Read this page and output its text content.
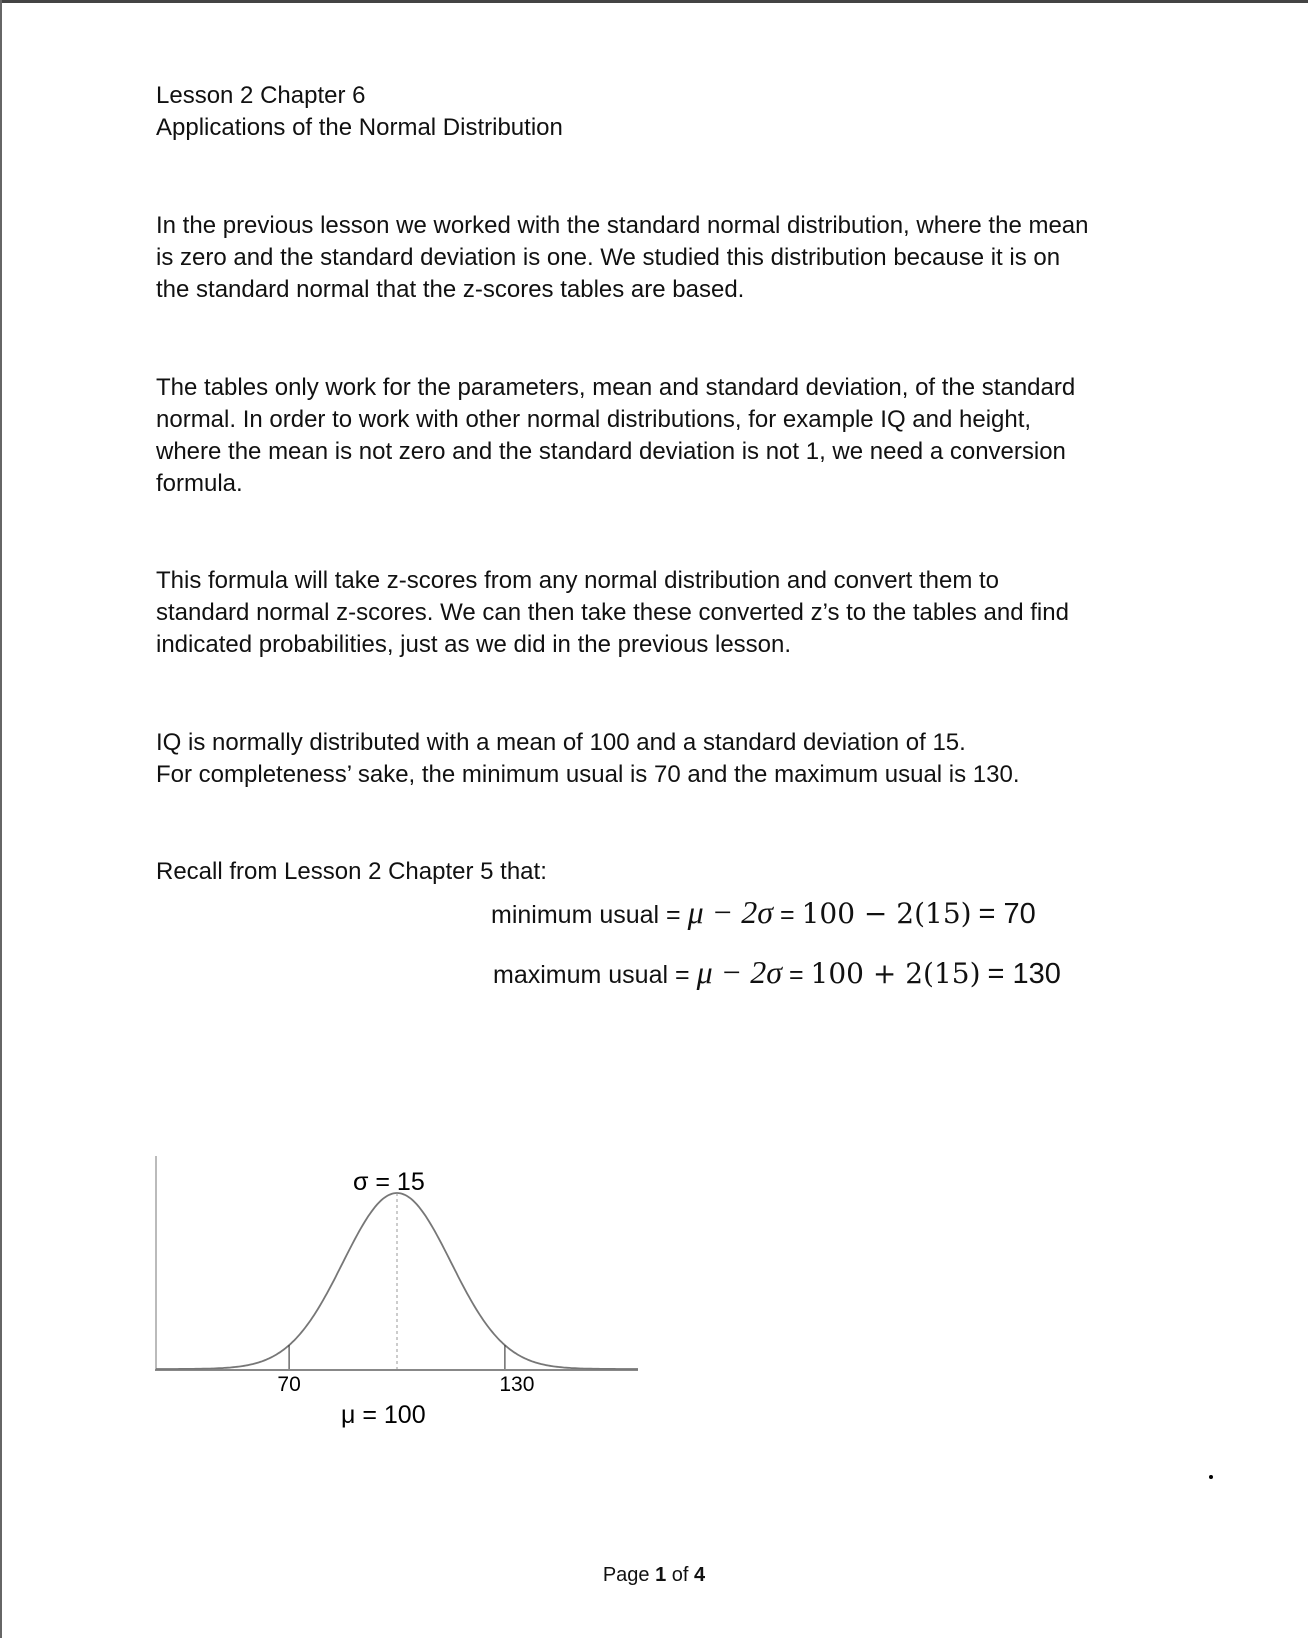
Lesson 2 Chapter 6
Applications of the Normal Distribution
In the previous lesson we worked with the standard normal distribution, where the mean
is zero and the standard deviation is one. We studied this distribution because it is on
the standard normal that the z-scores tables are based.
The tables only work for the parameters, mean and standard deviation, of the standard
normal. In order to work with other normal distributions, for example IQ and height,
where the mean is not zero and the standard deviation is not 1, we need a conversion
formula.
This formula will take z-scores from any normal distribution and convert them to
standard normal z-scores. We can then take these converted z’s to the tables and find
indicated probabilities, just as we did in the previous lesson.
IQ is normally distributed with a mean of 100 and a standard deviation of 15.
For completeness’ sake, the minimum usual is 70 and the maximum usual is 130.
Recall from Lesson 2 Chapter 5 that:
minimum usual = μ − 2σ = 100 − 2(15) = 70
maximum usual = μ − 2σ = 100 + 2(15) = 130
70	130
σ = 15
μ = 100
Page 1 of 4
